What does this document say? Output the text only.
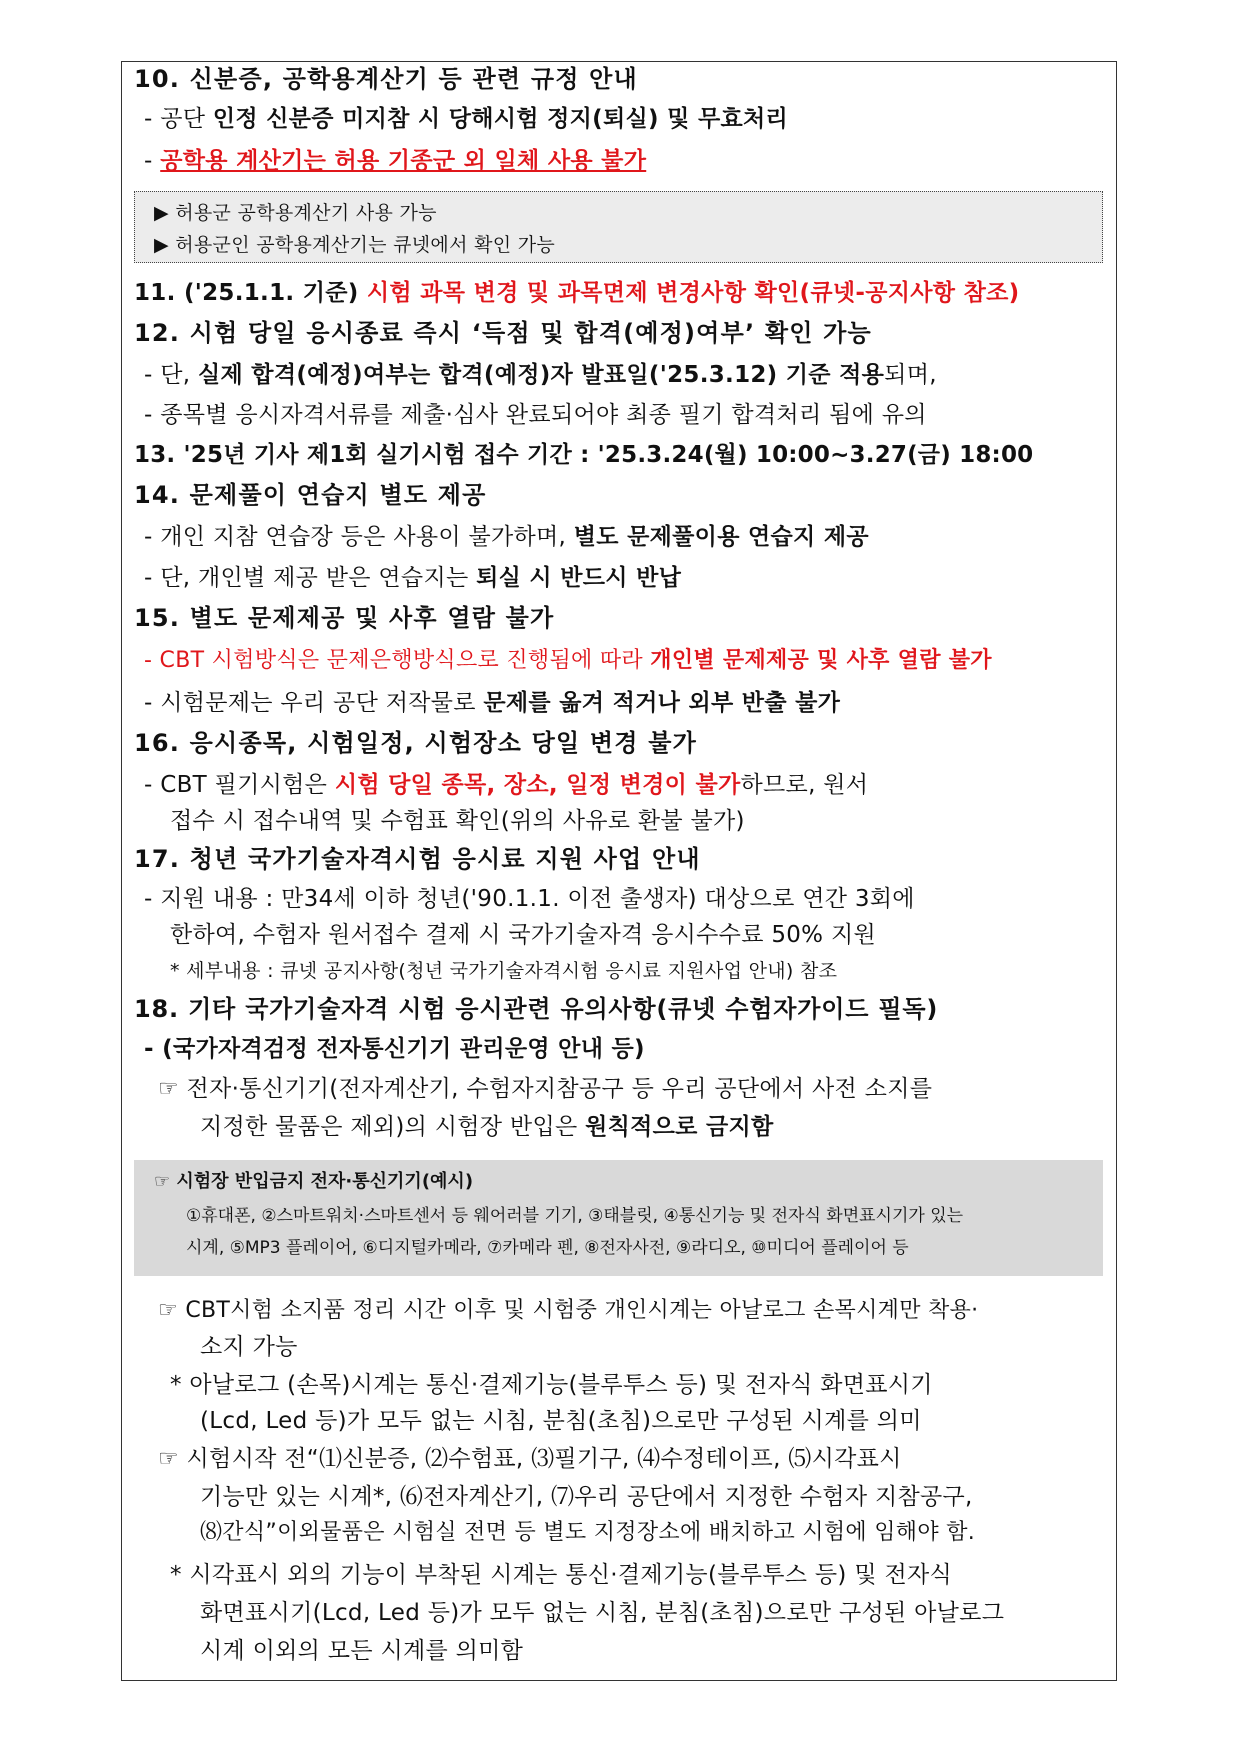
10. 신분증, 공학용계산기 등 관련 규정 안내
- 공단 인정 신분증 미지참 시 당해시험 정지(퇴실) 및 무효처리
- 공학용 계산기는 허용 기종군 외 일체 사용 불가
▶ 허용군 공학용계산기 사용 가능
▶ 허용군인 공학용계산기는 큐넷에서 확인 가능
11. ('25.1.1. 기준) 시험 과목 변경 및 과목면제 변경사항 확인(큐넷-공지사항 참조)
12. 시험 당일 응시종료 즉시 ‘득점 및 합격(예정)여부’ 확인 가능
- 단, 실제 합격(예정)여부는 합격(예정)자 발표일('25.3.12) 기준 적용되며,
- 종목별 응시자격서류를 제출·심사 완료되어야 최종 필기 합격처리 됨에 유의
13. '25년 기사 제1회 실기시험 접수 기간 : '25.3.24(월) 10:00~3.27(금) 18:00
14. 문제풀이 연습지 별도 제공
- 개인 지참 연습장 등은 사용이 불가하며, 별도 문제풀이용 연습지 제공
- 단, 개인별 제공 받은 연습지는 퇴실 시 반드시 반납
15. 별도 문제제공 및 사후 열람 불가
- CBT 시험방식은 문제은행방식으로 진행됨에 따라 개인별 문제제공 및 사후 열람 불가
- 시험문제는 우리 공단 저작물로 문제를 옮겨 적거나 외부 반출 불가
16. 응시종목, 시험일정, 시험장소 당일 변경 불가
- CBT 필기시험은 시험 당일 종목, 장소, 일정 변경이 불가하므로, 원서
접수 시 접수내역 및 수험표 확인(위의 사유로 환불 불가)
17. 청년 국가기술자격시험 응시료 지원 사업 안내
- 지원 내용 : 만34세 이하 청년('90.1.1. 이전 출생자) 대상으로 연간 3회에
한하여, 수험자 원서접수 결제 시 국가기술자격 응시수수료 50% 지원
* 세부내용 : 큐넷 공지사항(청년 국가기술자격시험 응시료 지원사업 안내) 참조
18. 기타 국가기술자격 시험 응시관련 유의사항(큐넷 수험자가이드 필독)
- (국가자격검정 전자통신기기 관리운영 안내 등)
☞ 전자·통신기기(전자계산기, 수험자지참공구 등 우리 공단에서 사전 소지를
지정한 물품은 제외)의 시험장 반입은 원칙적으로 금지함
☞ 시험장 반입금지 전자·통신기기(예시)
①휴대폰, ②스마트워치·스마트센서 등 웨어러블 기기, ③태블릿, ④통신기능 및 전자식 화면표시기가 있는
시계, ⑤MP3 플레이어, ⑥디지털카메라, ⑦카메라 펜, ⑧전자사전, ⑨라디오, ⑩미디어 플레이어 등
☞ CBT시험 소지품 정리 시간 이후 및 시험중 개인시계는 아날로그 손목시계만 착용·
소지 가능
* 아날로그 (손목)시계는 통신·결제기능(블루투스 등) 및 전자식 화면표시기
(Lcd, Led 등)가 모두 없는 시침, 분침(초침)으로만 구성된 시계를 의미
☞ 시험시작 전“⑴신분증, ⑵수험표, ⑶필기구, ⑷수정테이프, ⑸시각표시
기능만 있는 시계*, ⑹전자계산기, ⑺우리 공단에서 지정한 수험자 지참공구,
⑻간식”이외물품은 시험실 전면 등 별도 지정장소에 배치하고 시험에 임해야 함.
* 시각표시 외의 기능이 부착된 시계는 통신·결제기능(블루투스 등) 및 전자식
화면표시기(Lcd, Led 등)가 모두 없는 시침, 분침(초침)으로만 구성된 아날로그
시계 이외의 모든 시계를 의미함
